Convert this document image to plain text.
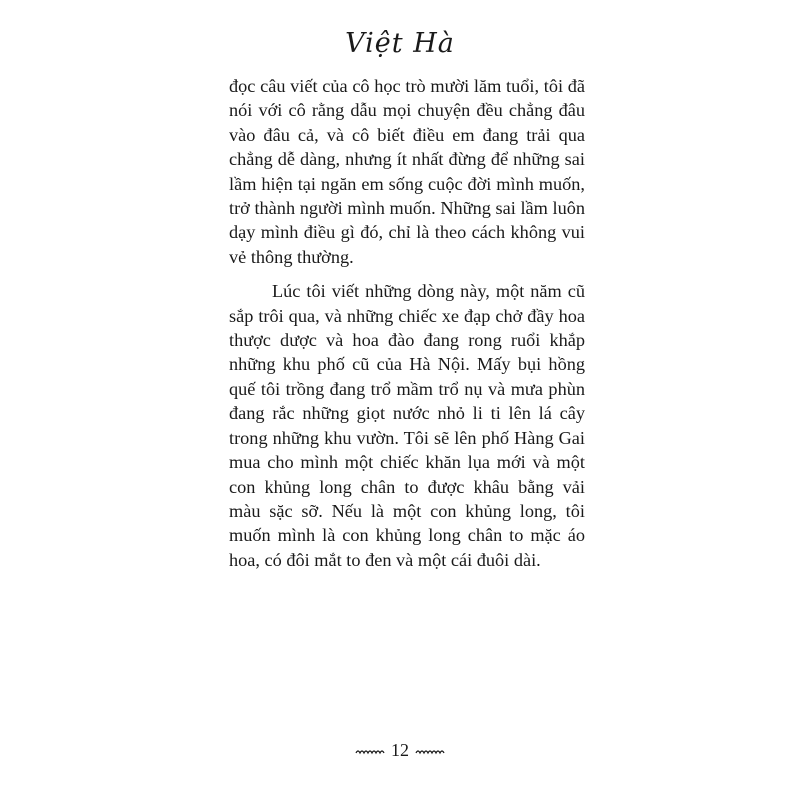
Việt Hà

đọc câu viết của cô học trò mười lăm tuổi, tôi đã nói với cô rằng dẫu mọi chuyện đều chẳng đâu vào đâu cả, và cô biết điều em đang trải qua chẳng dễ dàng, nhưng ít nhất đừng để những sai lầm hiện tại ngăn em sống cuộc đời mình muốn, trở thành người mình muốn. Những sai lầm luôn dạy mình điều gì đó, chỉ là theo cách không vui vẻ thông thường.

Lúc tôi viết những dòng này, một năm cũ sắp trôi qua, và những chiếc xe đạp chở đầy hoa thược dược và hoa đào đang rong ruổi khắp những khu phố cũ của Hà Nội. Mấy bụi hồng quế tôi trồng đang trổ mầm trổ nụ và mưa phùn đang rắc những giọt nước nhỏ li ti lên lá cây trong những khu vườn. Tôi sẽ lên phố Hàng Gai mua cho mình một chiếc khăn lụa mới và một con khủng long chân to được khâu bằng vải màu sặc sỡ. Nếu là một con khủng long, tôi muốn mình là con khủng long chân to mặc áo hoa, có đôi mắt to đen và một cái đuôi dài.

12
